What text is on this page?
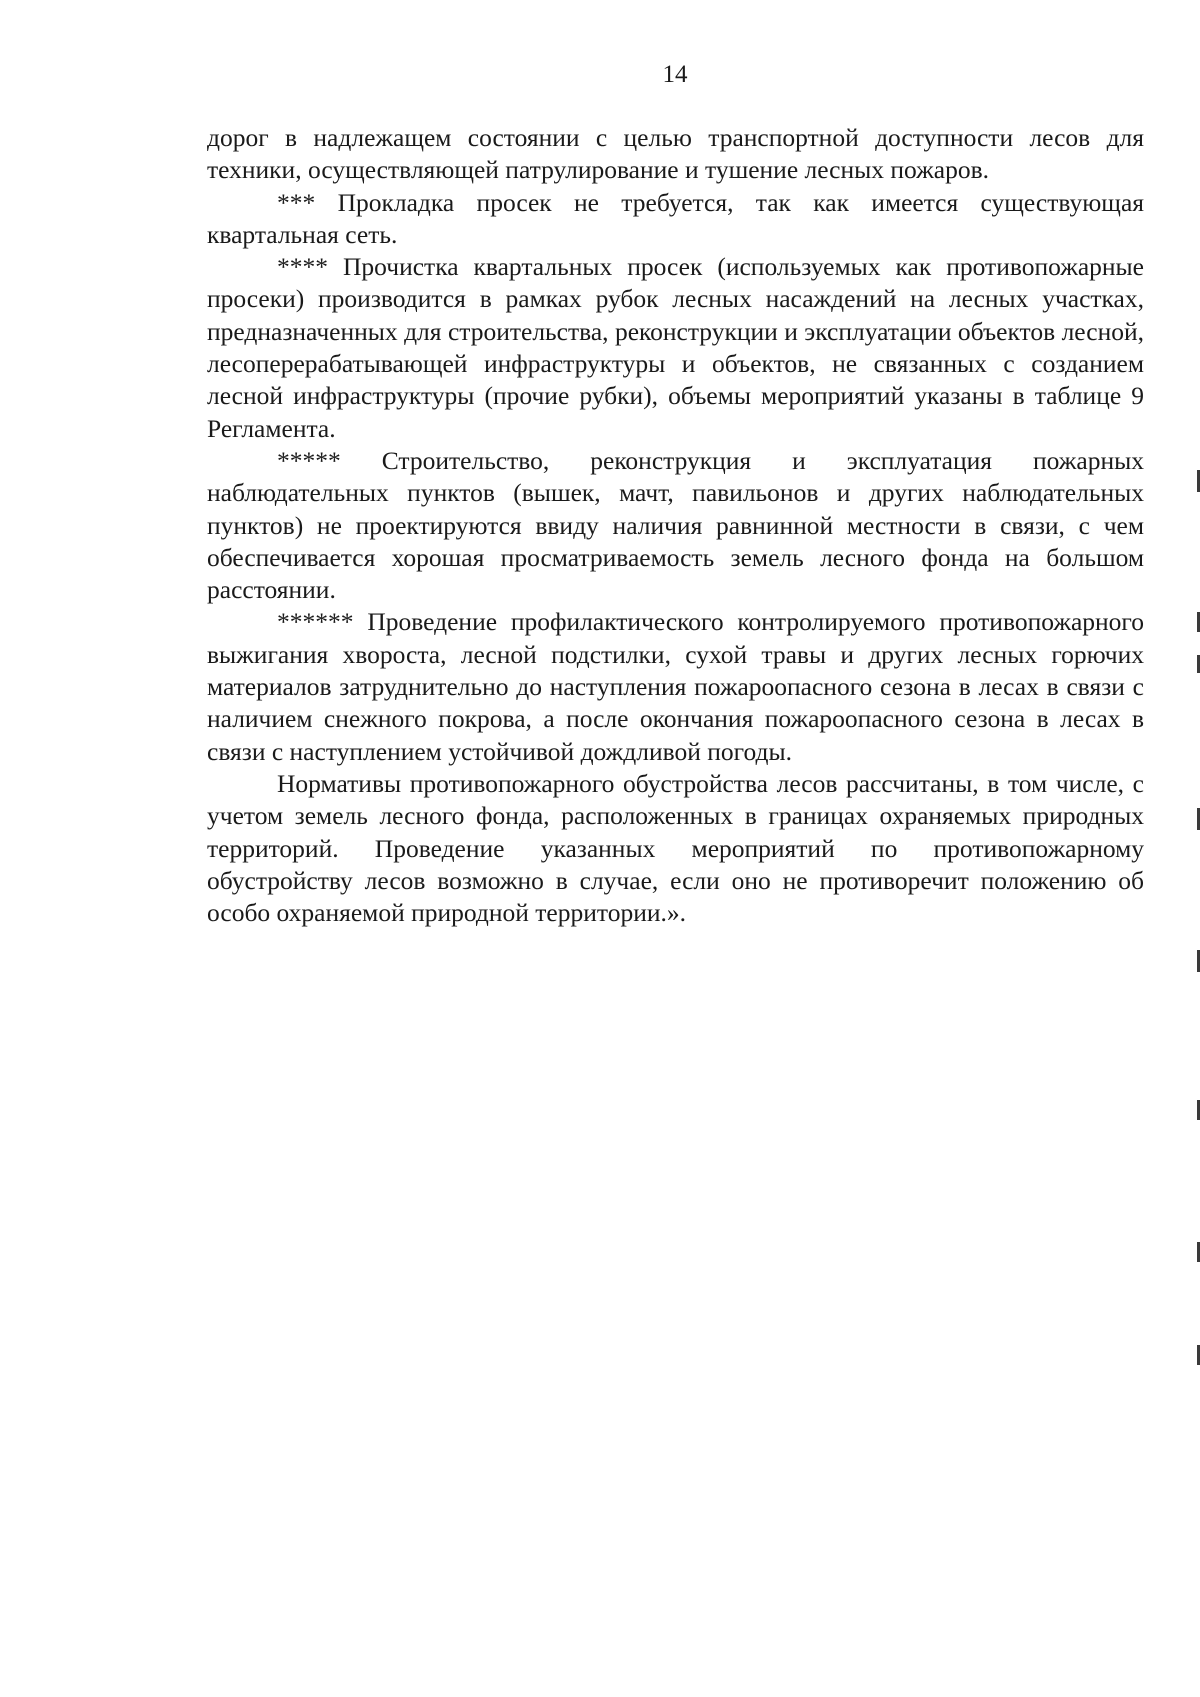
14

дорог в надлежащем состоянии с целью транспортной доступности лесов для техники, осуществляющей патрулирование и тушение лесных пожаров.

*** Прокладка просек не требуется, так как имеется существующая квартальная сеть.

**** Прочистка квартальных просек (используемых как противопожарные просеки) производится в рамках рубок лесных насаждений на лесных участках, предназначенных для строительства, реконструкции и эксплуатации объектов лесной, лесоперерабатывающей инфраструктуры и объектов, не связанных с созданием лесной инфраструктуры (прочие рубки), объемы мероприятий указаны в таблице 9 Регламента.

***** Строительство, реконструкция и эксплуатация пожарных наблюдательных пунктов (вышек, мачт, павильонов и других наблюдательных пунктов) не проектируются ввиду наличия равнинной местности в связи, с чем обеспечивается хорошая просматриваемость земель лесного фонда на большом расстоянии.

****** Проведение профилактического контролируемого противопожарного выжигания хвороста, лесной подстилки, сухой травы и других лесных горючих материалов затруднительно до наступления пожароопасного сезона в лесах в связи с наличием снежного покрова, а после окончания пожароопасного сезона в лесах в связи с наступлением устойчивой дождливой погоды.

Нормативы противопожарного обустройства лесов рассчитаны, в том числе, с учетом земель лесного фонда, расположенных в границах охраняемых природных территорий. Проведение указанных мероприятий по противопожарному обустройству лесов возможно в случае, если оно не противоречит положению об особо охраняемой природной территории.».
